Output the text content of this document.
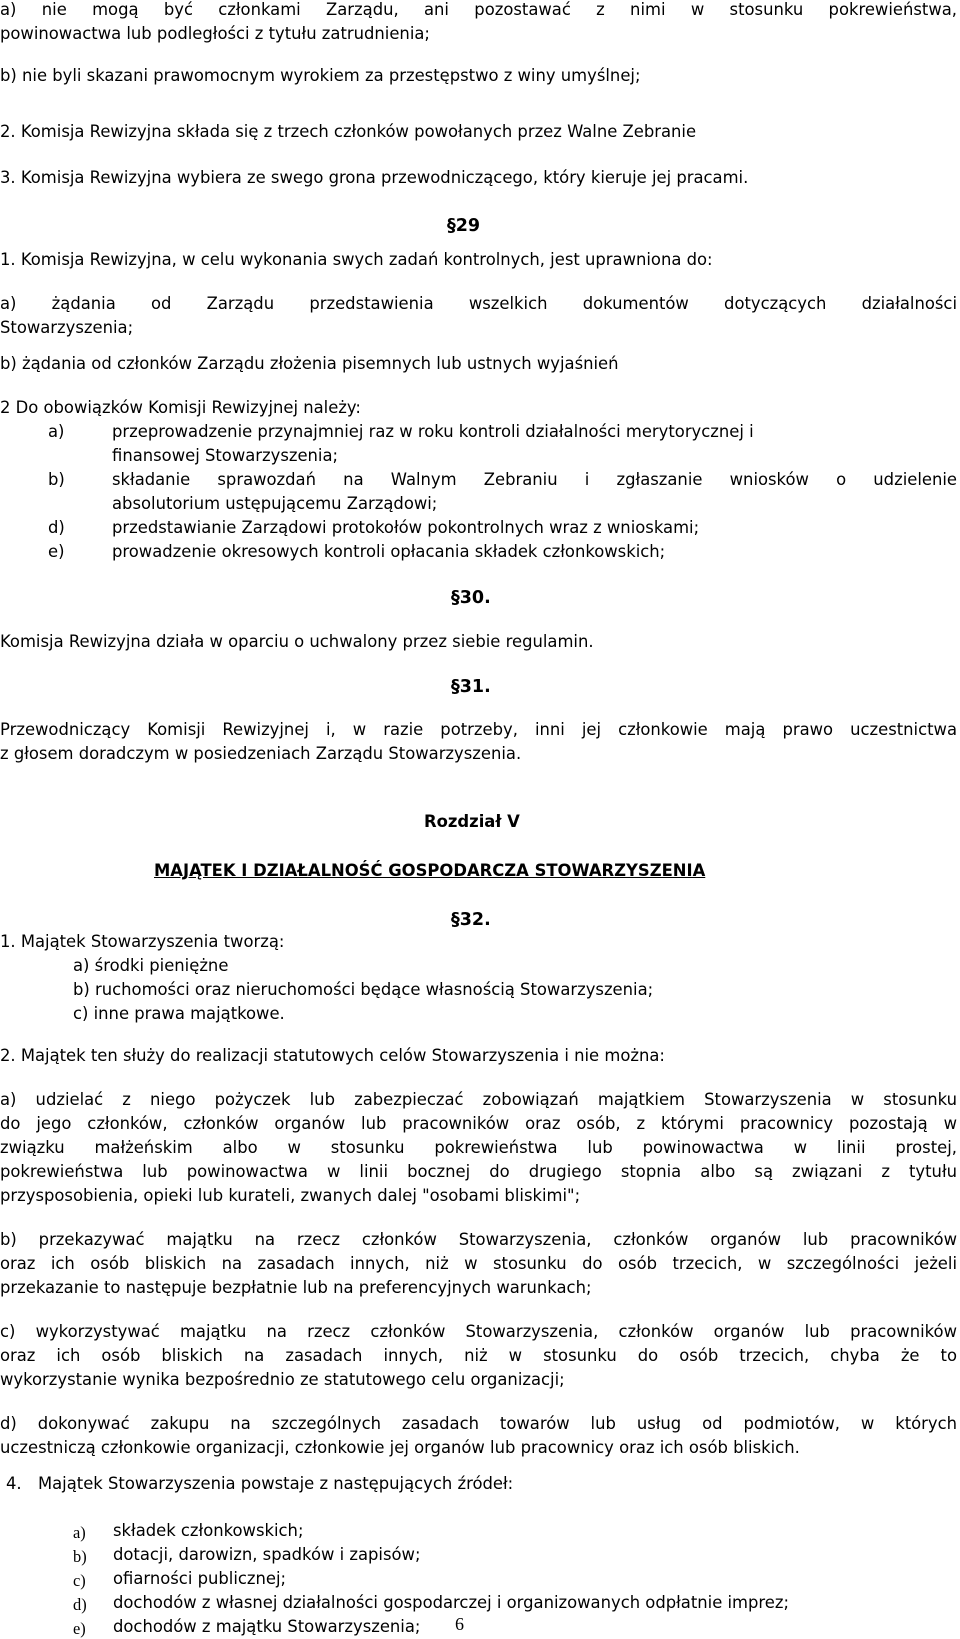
a) nie mogą być członkami Zarządu, ani pozostawać z nimi w stosunku pokrewieństwa,
powinowactwa lub podległości z tytułu zatrudnienia;
b) nie byli skazani prawomocnym wyrokiem za przestępstwo z winy umyślnej;
2. Komisja Rewizyjna składa się z trzech członków powołanych przez Walne Zebranie
3. Komisja Rewizyjna wybiera ze swego grona przewodniczącego, który kieruje jej pracami.
§29
1. Komisja Rewizyjna, w celu wykonania swych zadań kontrolnych, jest uprawniona do:
a) żądania od Zarządu przedstawienia wszelkich dokumentów dotyczących działalności
Stowarzyszenia;
b) żądania od członków Zarządu złożenia pisemnych lub ustnych wyjaśnień
2 Do obowiązków Komisji Rewizyjnej należy:
a)	przeprowadzenie przynajmniej raz w roku kontroli działalności merytorycznej i
finansowej Stowarzyszenia;
b)	składanie sprawozdań na Walnym Zebraniu i zgłaszanie wniosków o udzielenie
absolutorium ustępującemu Zarządowi;
d)	przedstawianie Zarządowi protokołów pokontrolnych wraz z wnioskami;
e)	prowadzenie okresowych kontroli opłacania składek członkowskich;
§30.
Komisja Rewizyjna działa w oparciu o uchwalony przez siebie regulamin.
§31.
Przewodniczący Komisji Rewizyjnej i, w razie potrzeby, inni jej członkowie mają prawo uczestnictwa
z głosem doradczym w posiedzeniach Zarządu Stowarzyszenia.
Rozdział V
MAJĄTEK I DZIAŁALNOŚĆ GOSPODARCZA STOWARZYSZENIA
§32.
1. Majątek Stowarzyszenia tworzą:
a) środki pieniężne
b) ruchomości oraz nieruchomości będące własnością Stowarzyszenia;
c) inne prawa majątkowe.
2. Majątek ten służy do realizacji statutowych celów Stowarzyszenia i nie można:
a) udzielać z niego pożyczek lub zabezpieczać zobowiązań majątkiem Stowarzyszenia w stosunku
do jego członków, członków organów lub pracowników oraz osób, z którymi pracownicy pozostają w
związku małżeńskim albo w stosunku pokrewieństwa lub powinowactwa w linii prostej,
pokrewieństwa lub powinowactwa w linii bocznej do drugiego stopnia albo są związani z tytułu
przysposobienia, opieki lub kurateli, zwanych dalej "osobami bliskimi";
b) przekazywać majątku na rzecz członków Stowarzyszenia, członków organów lub pracowników
oraz ich osób bliskich na zasadach innych, niż w stosunku do osób trzecich, w szczególności jeżeli
przekazanie to następuje bezpłatnie lub na preferencyjnych warunkach;
c) wykorzystywać majątku na rzecz członków Stowarzyszenia, członków organów lub pracowników
oraz ich osób bliskich na zasadach innych, niż w stosunku do osób trzecich, chyba że to
wykorzystanie wynika bezpośrednio ze statutowego celu organizacji;
d) dokonywać zakupu na szczególnych zasadach towarów lub usług od podmiotów, w których
uczestniczą członkowie organizacji, członkowie jej organów lub pracownicy oraz ich osób bliskich.
4. Majątek Stowarzyszenia powstaje z następujących źródeł:
a) składek członkowskich;
b) dotacji, darowizn, spadków i zapisów;
c) ofiarności publicznej;
d) dochodów z własnej działalności gospodarczej i organizowanych odpłatnie imprez;
e) dochodów z majątku Stowarzyszenia; 6
